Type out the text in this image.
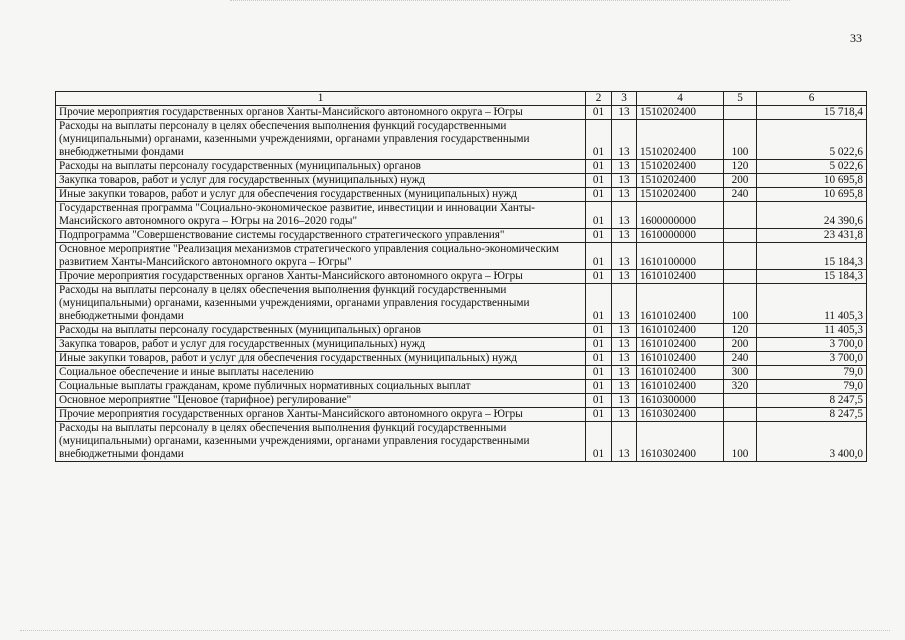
33
1	2	3	4	5	6
Прочие мероприятия государственных органов Ханты-Мансийского автономного округа – Югры	01	13	1510202400		15 718,4
Расходы на выплаты персоналу в целях обеспечения выполнения функций государственными (муниципальными) органами, казенными учреждениями, органами управления государственными внебюджетными фондами	01	13	1510202400	100	5 022,6
Расходы на выплаты персоналу государственных (муниципальных) органов	01	13	1510202400	120	5 022,6
Закупка товаров, работ и услуг для государственных (муниципальных) нужд	01	13	1510202400	200	10 695,8
Иные закупки товаров, работ и услуг для обеспечения государственных (муниципальных) нужд	01	13	1510202400	240	10 695,8
Государственная программа "Социально-экономическое развитие, инвестиции и инновации Ханты-Мансийского автономного округа – Югры на 2016–2020 годы"	01	13	1600000000		24 390,6
Подпрограмма "Совершенствование системы государственного стратегического управления"	01	13	1610000000		23 431,8
Основное мероприятие "Реализация механизмов стратегического управления социально-экономическим развитием Ханты-Мансийского автономного округа – Югры"	01	13	1610100000		15 184,3
Прочие мероприятия государственных органов Ханты-Мансийского автономного округа – Югры	01	13	1610102400		15 184,3
Расходы на выплаты персоналу в целях обеспечения выполнения функций государственными (муниципальными) органами, казенными учреждениями, органами управления государственными внебюджетными фондами	01	13	1610102400	100	11 405,3
Расходы на выплаты персоналу государственных (муниципальных) органов	01	13	1610102400	120	11 405,3
Закупка товаров, работ и услуг для государственных (муниципальных) нужд	01	13	1610102400	200	3 700,0
Иные закупки товаров, работ и услуг для обеспечения государственных (муниципальных) нужд	01	13	1610102400	240	3 700,0
Социальное обеспечение и иные выплаты населению	01	13	1610102400	300	79,0
Социальные выплаты гражданам, кроме публичных нормативных социальных выплат	01	13	1610102400	320	79,0
Основное мероприятие "Ценовое (тарифное) регулирование"	01	13	1610300000		8 247,5
Прочие мероприятия государственных органов Ханты-Мансийского автономного округа – Югры	01	13	1610302400		8 247,5
Расходы на выплаты персоналу в целях обеспечения выполнения функций государственными (муниципальными) органами, казенными учреждениями, органами управления государственными внебюджетными фондами	01	13	1610302400	100	3 400,0
